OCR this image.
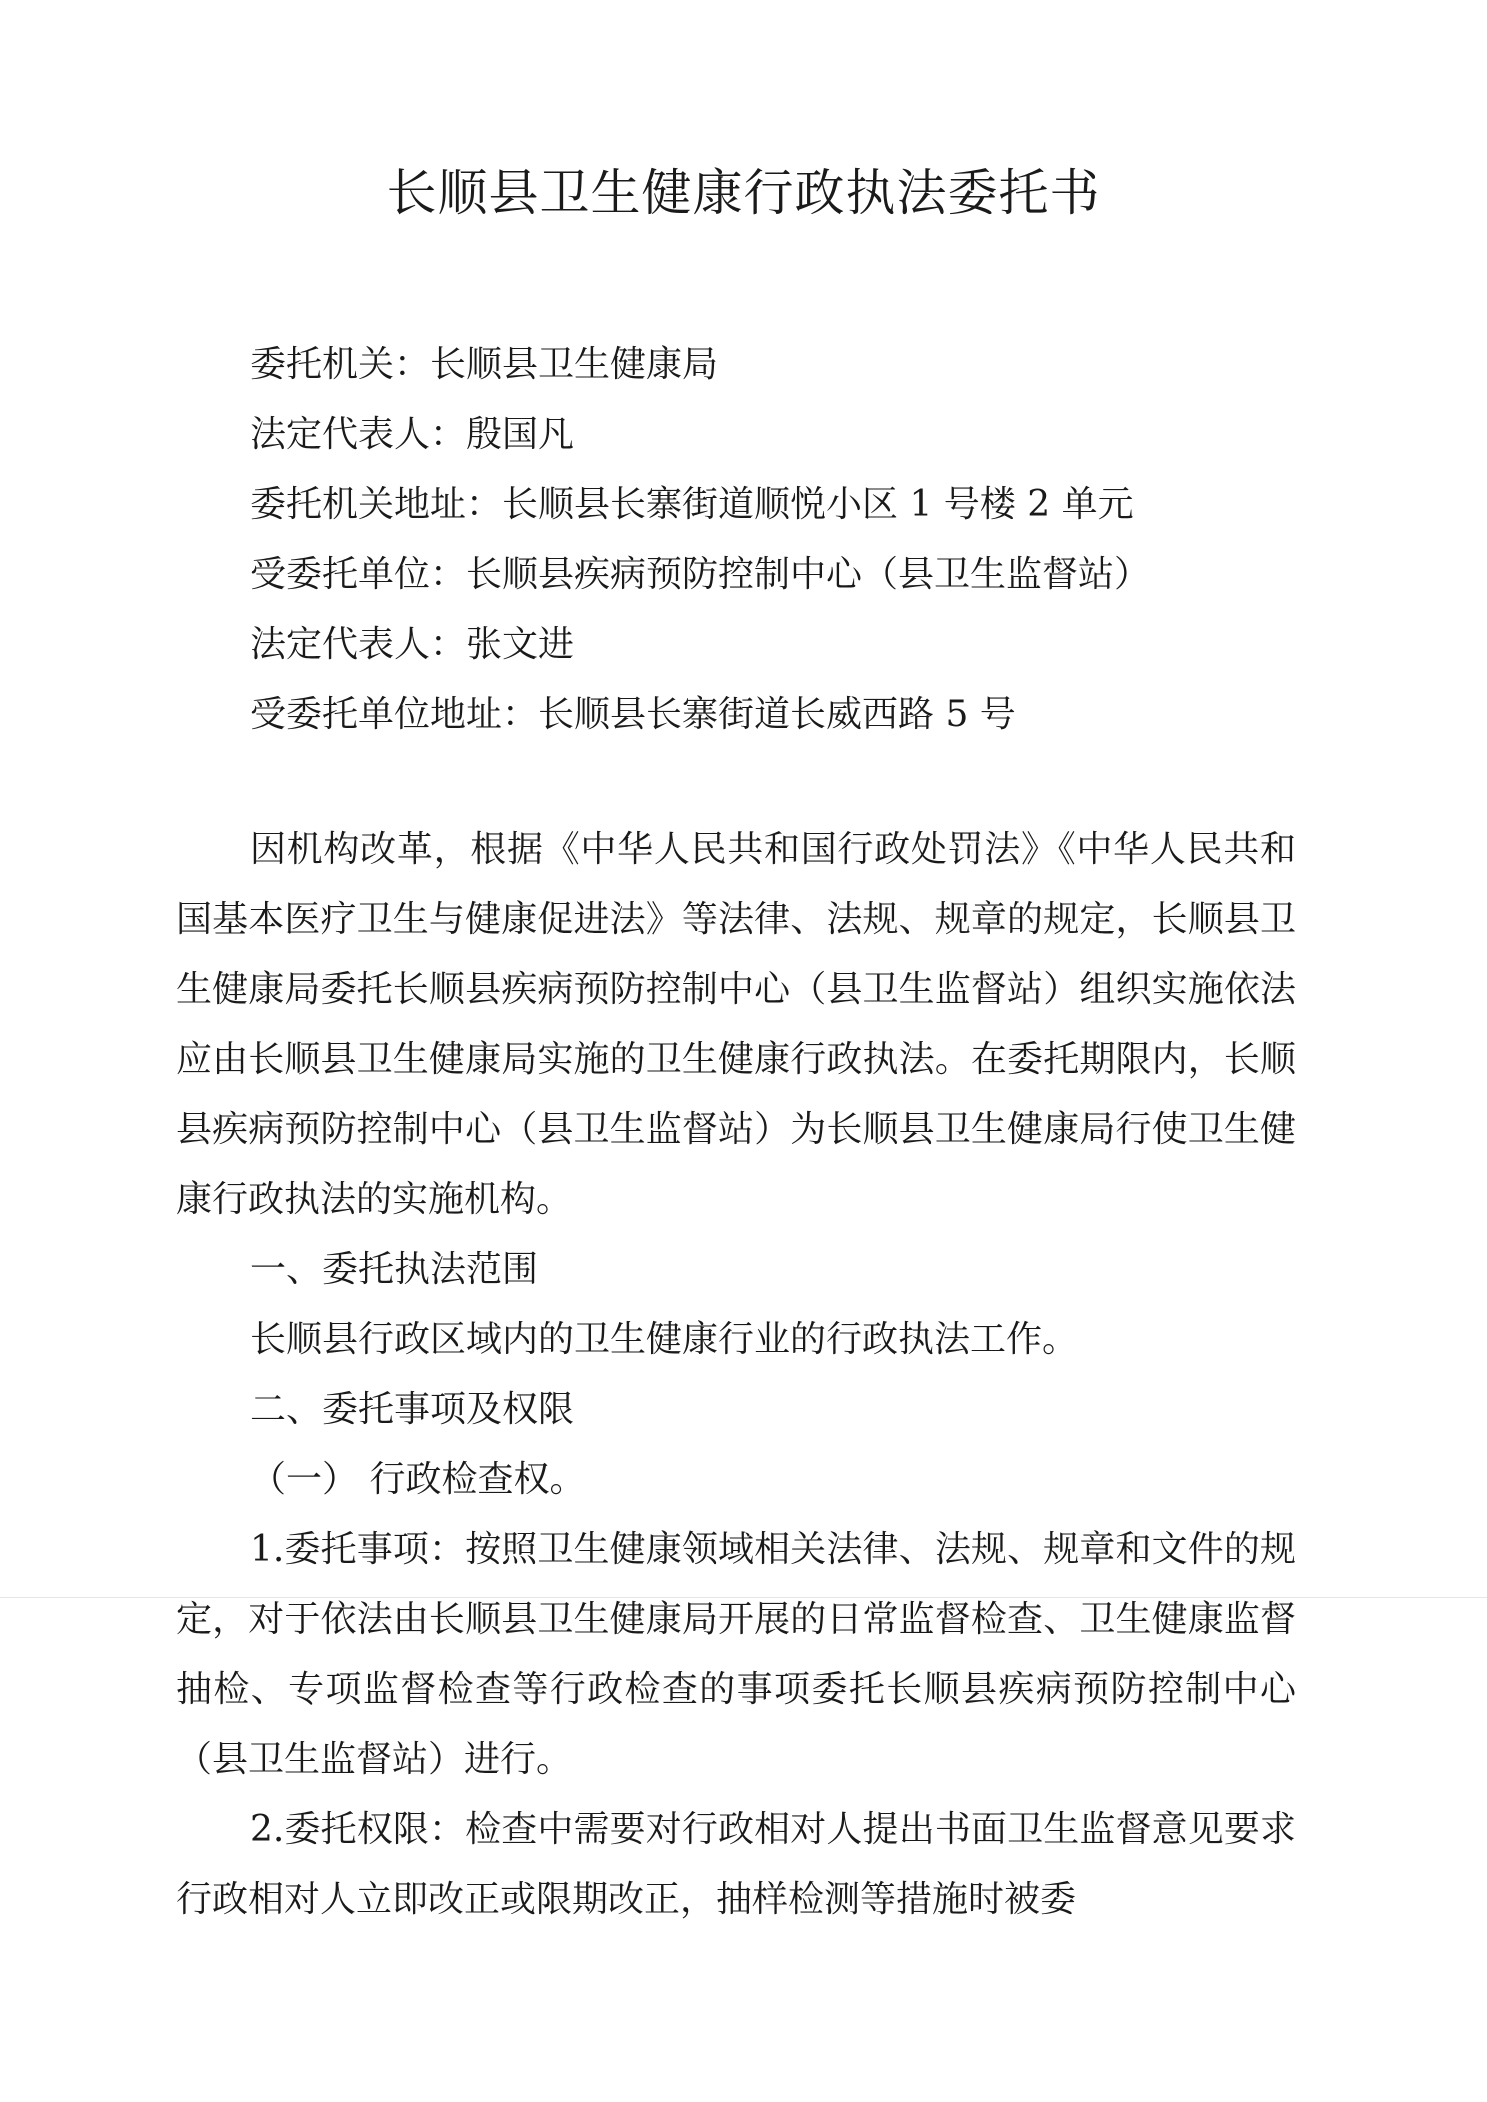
长顺县卫生健康行政执法委托书
委托机关：长顺县卫生健康局
法定代表人：殷国凡
委托机关地址：长顺县长寨街道顺悦小区 1 号楼 2 单元
受委托单位：长顺县疾病预防控制中心（县卫生监督站）
法定代表人：张文进
受委托单位地址：长顺县长寨街道长威西路 5 号

因机构改革，根据《中华人民共和国行政处罚法》《中华人民共和国基本医疗卫生与健康促进法》等法律、法规、规章的规定，长顺县卫生健康局委托长顺县疾病预防控制中心（县卫生监督站）组织实施依法应由长顺县卫生健康局实施的卫生健康行政执法。在委托期限内，长顺县疾病预防控制中心（县卫生监督站）为长顺县卫生健康局行使卫生健康行政执法的实施机构。

一、委托执法范围

长顺县行政区域内的卫生健康行业的行政执法工作。

二、委托事项及权限

（一） 行政检查权。

1.委托事项：按照卫生健康领域相关法律、法规、规章和文件的规定，对于依法由长顺县卫生健康局开展的日常监督检查、卫生健康监督抽检、专项监督检查等行政检查的事项委托长顺县疾病预防控制中心（县卫生监督站）进行。

2.委托权限：检查中需要对行政相对人提出书面卫生监督意见要求行政相对人立即改正或限期改正，抽样检测等措施时被委
